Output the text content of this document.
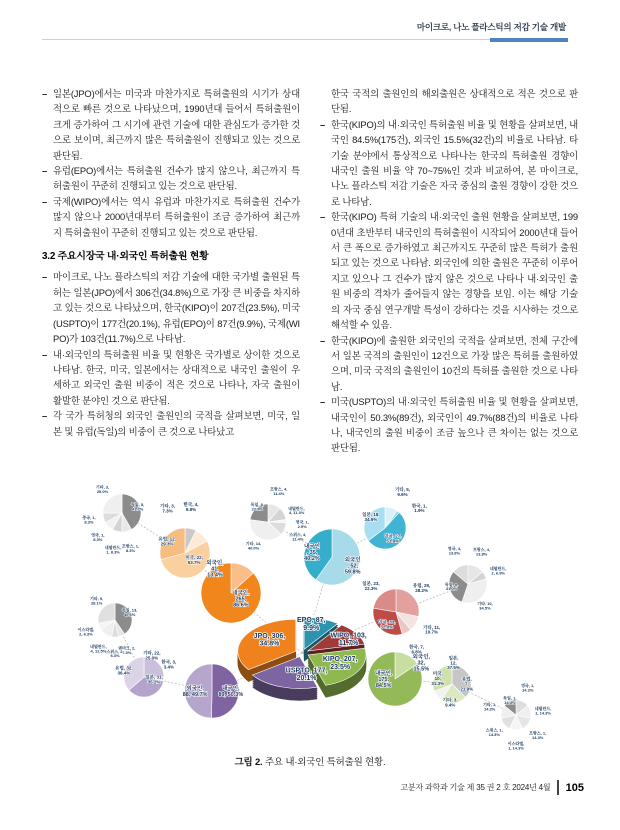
마이크로, 나노 플라스틱의 저감 기술 개발
– 일본(JPO)에서는 미국과 마찬가지로 특허출원의 시기가 상대적으로 빠른 것으로 나타났으며, 1990년대 들어서 특허출원이 크게 증가하여 그 시기에 관련 기술에 대한 관심도가 증가한 것으로 보이며, 최근까지 많은 특허출원이 진행되고 있는 것으로 판단됨.
– 유럽(EPO)에서는 특허출원 건수가 많지 않으나, 최근까지 특허출원이 꾸준히 진행되고 있는 것으로 판단됨.
– 국제(WIPO)에서는 역시 유럽과 마찬가지로 특허출원 건수가 많지 않으나 2000년대부터 특허출원이 조금 증가하여 최근까지 특허출원이 꾸준히 진행되고 있는 것으로 판단됨.
3.2 주요시장국 내·외국인 특허출원 현황
– 마이크로, 나노 플라스틱의 저감 기술에 대한 국가별 출원된 특허는 일본(JPO)에서 306건(34.8%)으로 가장 큰 비중을 차지하고 있는 것으로 나타났으며, 한국(KIPO)이 207건(23.5%), 미국(USPTO)이 177건(20.1%), 유럽(EPO)이 87건(9.9%), 국제(WIPO)가 103건(11.7%)으로 나타남.
– 내·외국인의 특허출원 비율 및 현황은 국가별로 상이한 것으로 나타남. 한국, 미국, 일본에서는 상대적으로 내국인 출원이 우세하고 외국인 출원 비중이 적은 것으로 나타나, 자국 출원이 활발한 분야인 것으로 판단됨.
– 각 국가 특허청의 외국인 출원인의 국적을 살펴보면, 미국, 일본 및 유럽(독일)의 비중이 큰 것으로 나타났고

한국 국적의 출원인의 해외출원은 상대적으로 적은 것으로 판단됨.

– 한국(KIPO)의 내·외국인 특허출원 비율 및 현황을 살펴보면, 내국인 84.5%(175건), 외국인 15.5%(32건)의 비율로 나타남. 타 기술 분야에서 통상적으로 나타나는 한국의 특허출원 경향이 내국인 출원 비율 약 70~75%인 것과 비교하여, 본 마이크로, 나노 플라스틱 저감 기술은 자국 중심의 출원 경향이 강한 것으로 나타남.
– 한국(KIPO) 특허 기술의 내·외국인 출원 현황을 살펴보면, 1990년대 초반부터 내국인의 특허출원이 시작되어 2000년대 들어서 큰 폭으로 증가하였고 최근까지도 꾸준히 많은 특허가 출원되고 있는 것으로 나타남. 외국인에 의한 출원은 꾸준히 이루어지고 있으나 그 건수가 많지 않은 것으로 나타나 내·외국인 출원 비중의 격차가 줄어들지 않는 경향을 보임. 이는 해당 기술의 자국 중심 연구개발 특성이 강하다는 것을 시사하는 것으로 해석할 수 있음.
– 한국(KIPO)에 출원한 외국인의 국적을 살펴보면, 전체 구간에서 일본 국적의 출원인이 12건으로 가장 많은 특허를 출원하였으며, 미국 국적의 출원인이 10건의 특허를 출원한 것으로 나타남.
– 미국(USPTO)의 내·외국인 특허출원 비율 및 현황을 살펴보면, 내국인이 50.3%(89건), 외국인이 49.7%(88건)의 비율로 나타나, 내국인의 출원 비중이 조금 높으나 큰 차이는 없는 것으로 판단됨.
독일, 5, 41.7%
프랑스, 1, 8.3%
네덜란드, 1, 8.3%
영국, 1, 8.3%
중국, 1, 8.3%
기타, 3, 25.0%
프랑스, 4, 11.4%
네덜란드, 4, 11.4%
영국, 1, 2.9%
스위스, 4, 11.4%
기타, 14, 40.0%
독일, 8, 22.9%
프랑스, 4, 13.8%
네덜란드, 2, 6.9%
기타, 10, 34.5%
독일, 9, 31.0%
영국, 4, 13.8%
영국, 1, 14.3%
네덜란드, 1, 14.3%
프랑스, 1, 14.3%
이스라엘, 1, 14.3%
스위스, 1, 14.3%
기타, 1, 14.3%
독일, 1, 14.3%
독일, 13, 40.6%
덴마크, 2, 6.3%
스위스, 2, 6.3%
네덜란드, 4, 12.5%
이스라엘, 2, 6.3%
기타, 9, 28.1%
기타, 3, 7.3%
한국, 4, 9.8%
미국, 22, 53.7%
유럽, 12, 29.3%
기타, 5, 9.6%
한국, 1, 1.9%
미국, 27, 51.9%
일본, 18, 34.6%
유럽, 29, 28.2%
기타, 11, 10.7%
한국, 7, 6.8%
미국, 33, 32.0%
일본, 23, 22.3%
일본, 12, 37.5%
유럽, 7, 21.9%
기타, 3, 9.4%
미국, 10, 31.3%
기타, 22, 25.0%
한국, 3, 3.4%
일본, 31, 35.2%
유럽, 32, 36.4%
외국인, 41, 13.4%
내국인, 265, 86.6%
외국인 , 52, 59.8%
내국인 , 35, 40.2%
외국인, 32, 15.5%
내국인, 175, 84.5%
내국인, 89, 50.3%
외국인, 88, 49.7%
EPO, 87, 9.9%
WIPO, 103, 11.7%
KIPO, 207, 23.5%
USPTO, 177, 20.1%
JPO, 306, 34.8%
그림 2. 주요 내·외국인 특허출원 현황.
고분자 과학과 기술 제 35 권 2 호 2024년 4월 105
